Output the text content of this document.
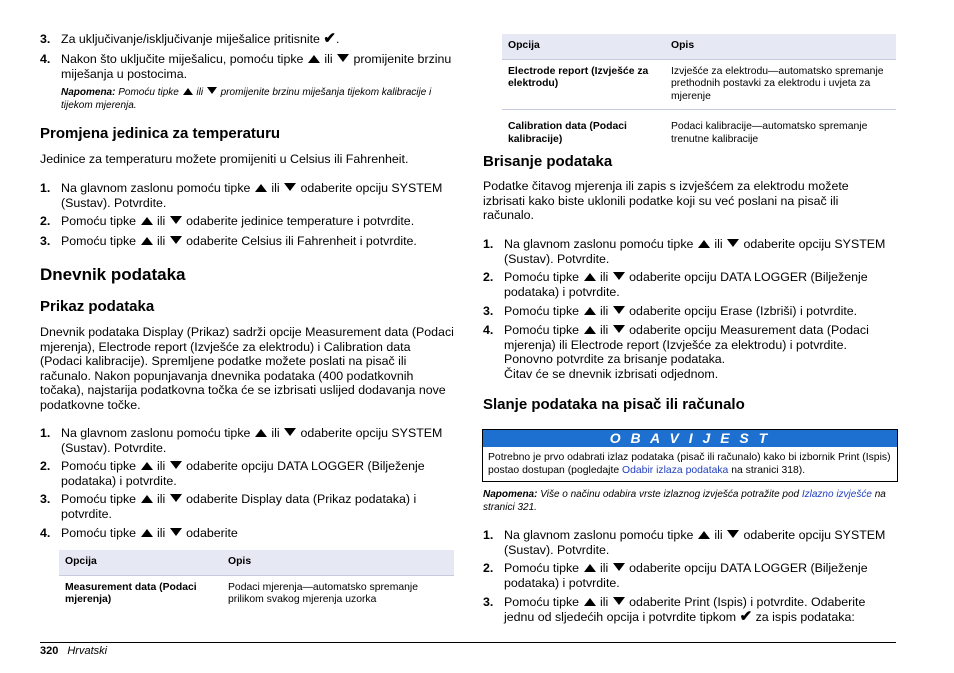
3. Za uključivanje/isključivanje miješalice pritisnite ✔.
4. Nakon što uključite miješalicu, pomoću tipke ili promijenite brzinu miješanja u postocima.
Napomena: Pomoću tipke ili promijenite brzinu miješanja tijekom kalibracije i tijekom mjerenja.
Promjena jedinica za temperaturu
Jedinice za temperaturu možete promijeniti u Celsius ili Fahrenheit.
1. Na glavnom zaslonu pomoću tipke ili odaberite opciju SYSTEM (Sustav). Potvrdite.
2. Pomoću tipke ili odaberite jedinice temperature i potvrdite.
3. Pomoću tipke ili odaberite Celsius ili Fahrenheit i potvrdite.
Dnevnik podataka
Prikaz podataka
Dnevnik podataka Display (Prikaz) sadrži opcije Measurement data (Podaci mjerenja), Electrode report (Izvješće za elektrodu) i Calibration data (Podaci kalibracije). Spremljene podatke možete poslati na pisač ili računalo. Nakon popunjavanja dnevnika podataka (400 podatkovnih točaka), najstarija podatkovna točka će se izbrisati uslijed dodavanja nove podatkovne točke.
1. Na glavnom zaslonu pomoću tipke ili odaberite opciju SYSTEM (Sustav). Potvrdite.
2. Pomoću tipke ili odaberite opciju DATA LOGGER (Bilježenje podataka) i potvrdite.
3. Pomoću tipke ili odaberite Display data (Prikaz podataka) i potvrdite.
4. Pomoću tipke ili odaberite
Opcija	Opis
Measurement data (Podaci mjerenja)	Podaci mjerenja—automatsko spremanje prilikom svakog mjerenja uzorka
Opcija	Opis
Electrode report (Izvješće za elektrodu)	Izvješće za elektrodu—automatsko spremanje prethodnih postavki za elektrodu i uvjeta za mjerenje
Calibration data (Podaci kalibracije)	Podaci kalibracije—automatsko spremanje trenutne kalibracije
Brisanje podataka
Podatke čitavog mjerenja ili zapis s izvješćem za elektrodu možete izbrisati kako biste uklonili podatke koji su već poslani na pisač ili računalo.
1. Na glavnom zaslonu pomoću tipke ili odaberite opciju SYSTEM (Sustav). Potvrdite.
2. Pomoću tipke ili odaberite opciju DATA LOGGER (Bilježenje podataka) i potvrdite.
3. Pomoću tipke ili odaberite opciju Erase (Izbriši) i potvrdite.
4. Pomoću tipke ili odaberite opciju Measurement data (Podaci mjerenja) ili Electrode report (Izvješće za elektrodu) i potvrdite. Ponovno potvrdite za brisanje podataka.
Čitav će se dnevnik izbrisati odjednom.
Slanje podataka na pisač ili računalo
O B A V I J E S T
Potrebno je prvo odabrati izlaz podataka (pisač ili računalo) kako bi izbornik Print (Ispis) postao dostupan (pogledajte Odabir izlaza podataka na stranici 318).
Napomena: Više o načinu odabira vrste izlaznog izvješća potražite pod Izlazno izvješće na stranici 321.
1. Na glavnom zaslonu pomoću tipke ili odaberite opciju SYSTEM (Sustav). Potvrdite.
2. Pomoću tipke ili odaberite opciju DATA LOGGER (Bilježenje podataka) i potvrdite.
3. Pomoću tipke ili odaberite Print (Ispis) i potvrdite. Odaberite jednu od sljedećih opcija i potvrdite tipkom ✔ za ispis podataka:
320 Hrvatski
